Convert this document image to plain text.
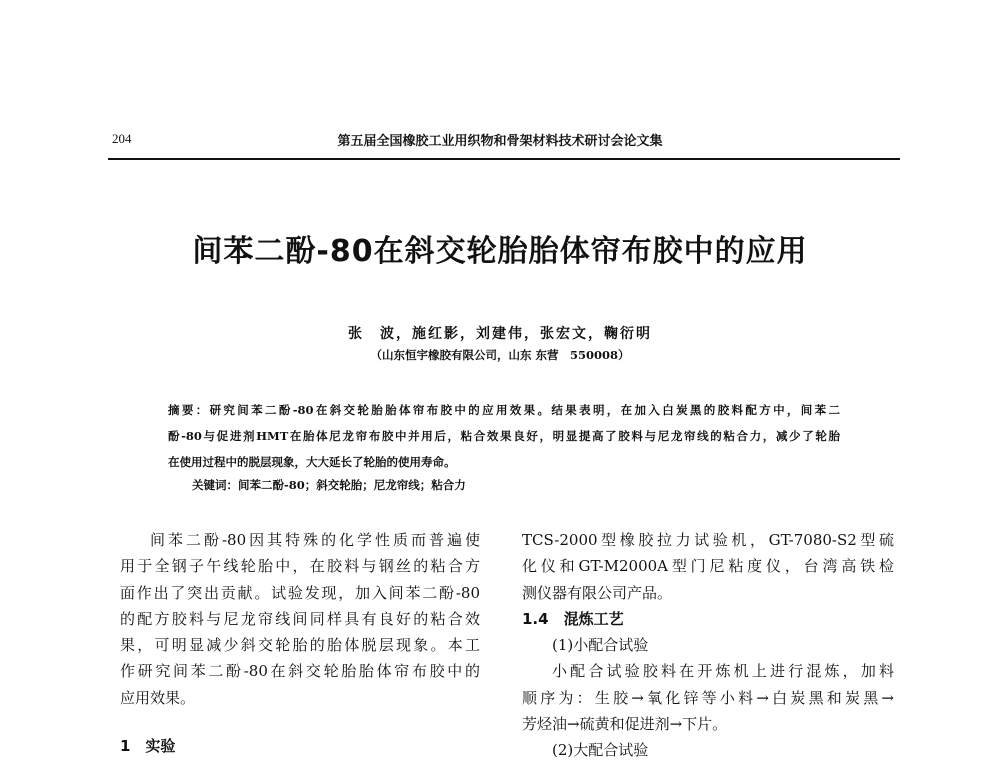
204	第五届全国橡胶工业用织物和骨架材料技术研讨会论文集
间苯二酚-80在斜交轮胎胎体帘布胶中的应用
张　波，施红影，刘建伟，张宏文，鞠衍明
（山东恒宇橡胶有限公司，山东 东营　550008）
摘要：研究间苯二酚-80在斜交轮胎胎体帘布胶中的应用效果。结果表明，在加入白炭黑的胶料配方中，间苯二
酚-80与促进剂HMT在胎体尼龙帘布胶中并用后，粘合效果良好，明显提高了胶料与尼龙帘线的粘合力，减少了轮胎
在使用过程中的脱层现象，大大延长了轮胎的使用寿命。
关键词：间苯二酚-80；斜交轮胎；尼龙帘线；粘合力
间苯二酚-80因其特殊的化学性质而普遍使
用于全钢子午线轮胎中，在胶料与钢丝的粘合方
面作出了突出贡献。试验发现，加入间苯二酚-80
的配方胶料与尼龙帘线间同样具有良好的粘合效
果，可明显减少斜交轮胎的胎体脱层现象。本工
作研究间苯二酚-80在斜交轮胎胎体帘布胶中的
应用效果。
1　实验
TCS-2000型橡胶拉力试验机，GT-7080-S2型硫
化仪和GT-M2000A型门尼粘度仪，台湾高铁检
测仪器有限公司产品。
1.4　混炼工艺
(1)小配合试验
小配合试验胶料在开炼机上进行混炼，加料
顺序为：生胶→氧化锌等小料→白炭黑和炭黑→
芳烃油→硫黄和促进剂→下片。
(2)大配合试验
